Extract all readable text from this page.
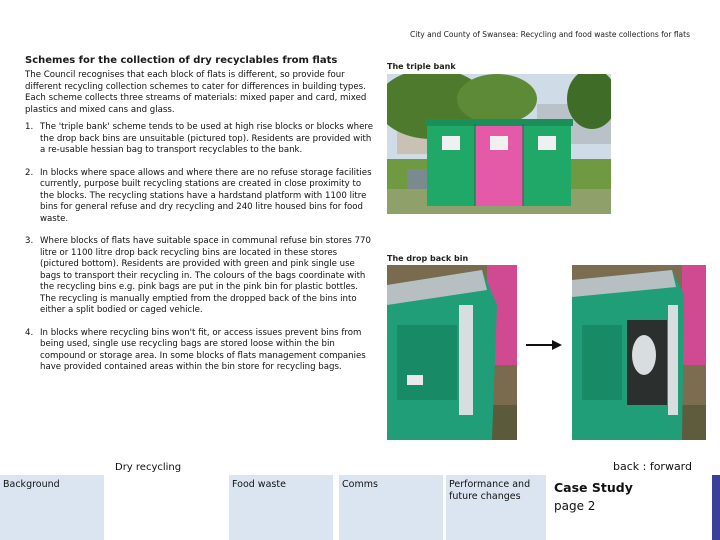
City and County of Swansea: Recycling and food waste collections for flats
Schemes for the collection of dry recyclables from flats
The Council recognises that each block of flats is different, so provide four different recycling collection schemes to cater for differences in building types. Each scheme collects three streams of materials: mixed paper and card, mixed plastics and mixed cans and glass.
1. The 'triple bank' scheme tends to be used at high rise blocks or blocks where the drop back bins are unsuitable (pictured top). Residents are provided with a re-usable hessian bag to transport recyclables to the bank.
2. In blocks where space allows and where there are no refuse storage facilities currently, purpose built recycling stations are created in close proximity to the blocks. The recycling stations have a hardstand platform with 1100 litre bins for general refuse and dry recycling and 240 litre housed bins for food waste.
3. Where blocks of flats have suitable space in communal refuse bin stores 770 litre or 1100 litre drop back recycling bins are located in these stores (pictured bottom). Residents are provided with green and pink single use bags to transport their recycling in. The colours of the bags coordinate with the recycling bins e.g. pink bags are put in the pink bin for plastic bottles. The recycling is manually emptied from the dropped back of the bins into either a split bodied or caged vehicle.
4. In blocks where recycling bins won't fit, or access issues prevent bins from being used, single use recycling bags are stored loose within the bin compound or storage area. In some blocks of flats management companies have provided contained areas within the bin store for recycling bags.
The triple bank
The drop back bin
Dry recycling	back : forward
Background	Food waste	Comms	Performance and future changes
Case Study
page 2
